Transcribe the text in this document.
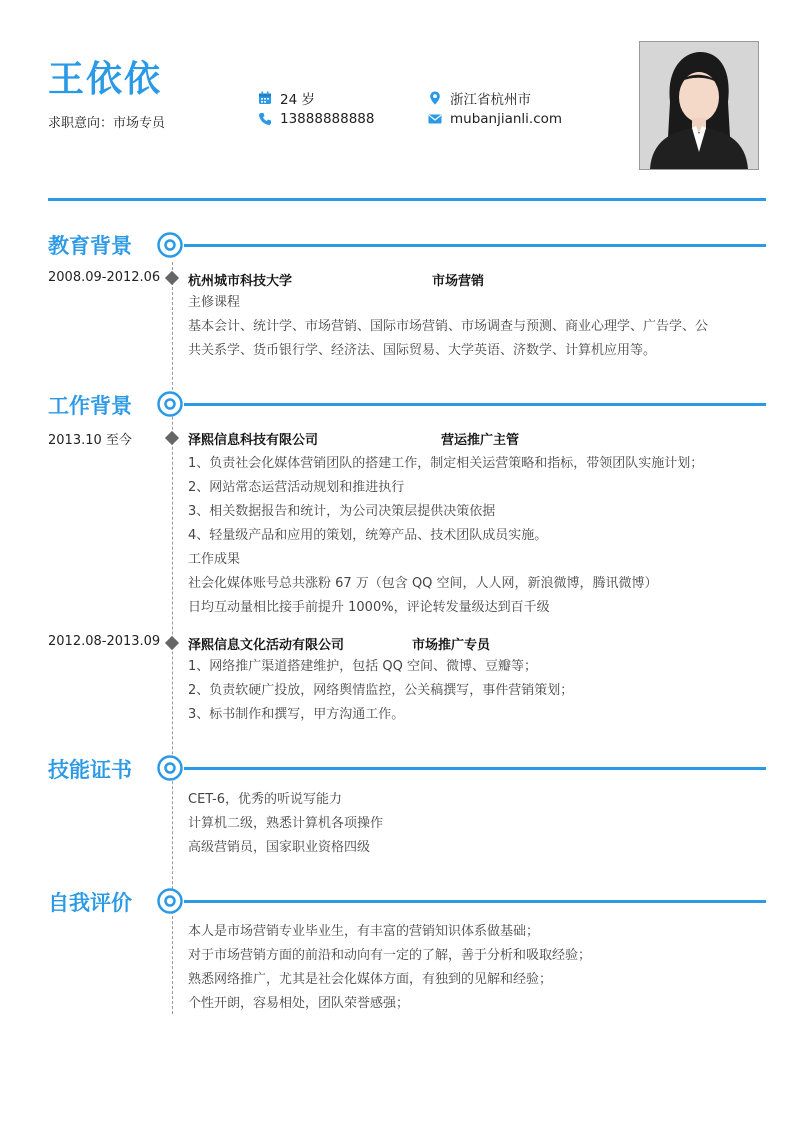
王依依
求职意向：市场专员
24 岁
13888888888
浙江省杭州市
mubanjianli.com
教育背景
2008.09-2012.06 杭州城市科技大学	市场营销
主修课程
基本会计、统计学、市场营销、国际市场营销、市场调查与预测、商业心理学、广告学、公
共关系学、货币银行学、经济法、国际贸易、大学英语、济数学、计算机应用等。
工作背景
2013.10 至今	泽熙信息科技有限公司	营运推广主管
1、负责社会化媒体营销团队的搭建工作，制定相关运营策略和指标，带领团队实施计划；
2、网站常态运营活动规划和推进执行
3、相关数据报告和统计，为公司决策层提供决策依据
4、轻量级产品和应用的策划，统筹产品、技术团队成员实施。
工作成果
社会化媒体账号总共涨粉 67 万（包含 QQ 空间，人人网，新浪微博，腾讯微博）
日均互动量相比接手前提升 1000%，评论转发量级达到百千级
2012.08-2013.09 泽熙信息文化活动有限公司	市场推广专员
1、网络推广渠道搭建维护，包括 QQ 空间、微博、豆瓣等；
2、负责软硬广投放，网络舆情监控，公关稿撰写，事件营销策划；
3、标书制作和撰写，甲方沟通工作。
技能证书
CET-6，优秀的听说写能力
计算机二级，熟悉计算机各项操作
高级营销员，国家职业资格四级
自我评价
本人是市场营销专业毕业生，有丰富的营销知识体系做基础；
对于市场营销方面的前沿和动向有一定的了解，善于分析和吸取经验；
熟悉网络推广，尤其是社会化媒体方面，有独到的见解和经验；
个性开朗，容易相处，团队荣誉感强；
